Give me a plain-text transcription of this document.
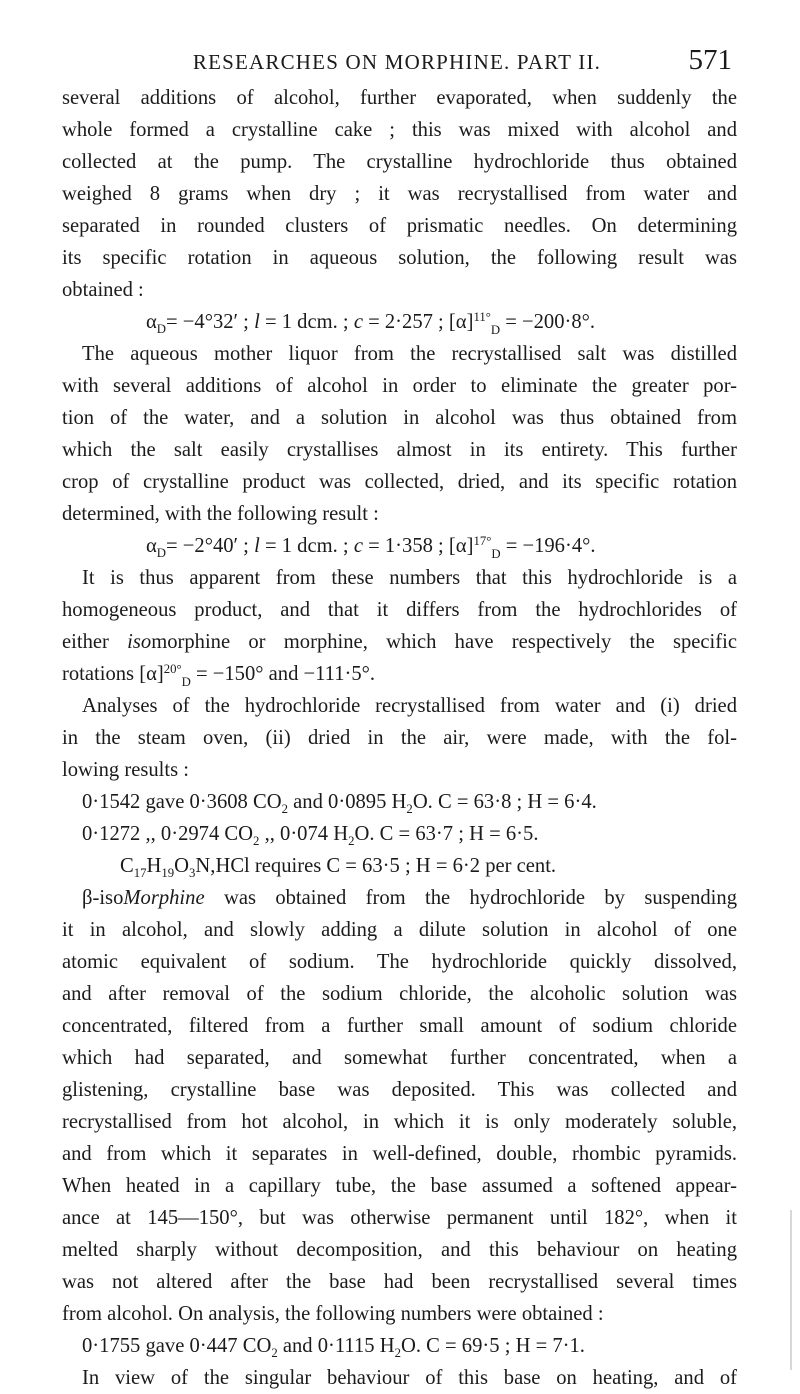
RESEARCHES ON MORPHINE. PART II.	571
several additions of alcohol, further evaporated, when suddenly the
whole formed a crystalline cake ; this was mixed with alcohol and
collected at the pump. The crystalline hydrochloride thus obtained
weighed 8 grams when dry ; it was recrystallised from water and
separated in rounded clusters of prismatic needles. On determining
its specific rotation in aqueous solution, the following result was
obtained :
$\alpha_D= -4^\circ 32'$ ; l = 1 dcm. ; c = 2·257 ; $[\alpha]^{11^\circ}_D = -200\cdot 8^\circ$.
The aqueous mother liquor from the recrystallised salt was distilled
with several additions of alcohol in order to eliminate the greater por-
tion of the water, and a solution in alcohol was thus obtained from
which the salt easily crystallises almost in its entirety. This further
crop of crystalline product was collected, dried, and its specific rotation
determined, with the following result :
$\alpha_D= -2^\circ 40'$ ; l = 1 dcm. ; c = 1·358 ; $[\alpha]^{17^\circ}_D = -196\cdot 4^\circ$.
It is thus apparent from these numbers that this hydrochloride is a
homogeneous product, and that it differs from the hydrochlorides of
either isomorphine or morphine, which have respectively the specific
rotations $[\alpha]^{20^\circ}_D = -150^\circ$ and −111·5°.
Analyses of the hydrochloride recrystallised from water and (i) dried
in the steam oven, (ii) dried in the air, were made, with the fol-
lowing results :
0·1542 gave 0·3608 $CO_2$ and 0·0895 $H_2O$. C = 63·8 ; H = 6·4.
0·1272 ,, 0·2974 $CO_2$ ,, 0·074 $H_2O$. C = 63·7 ; H = 6·5.
$C_{17}H_{19}O_3N,HCl$ requires C = 63·5 ; H = 6·2 per cent.
β-isoMorphine was obtained from the hydrochloride by suspending
it in alcohol, and slowly adding a dilute solution in alcohol of one
atomic equivalent of sodium. The hydrochloride quickly dissolved,
and after removal of the sodium chloride, the alcoholic solution was
concentrated, filtered from a further small amount of sodium chloride
which had separated, and somewhat further concentrated, when a
glistening, crystalline base was deposited. This was collected and
recrystallised from hot alcohol, in which it is only moderately soluble,
and from which it separates in well-defined, double, rhombic pyramids.
When heated in a capillary tube, the base assumed a softened appear-
ance at 145—150°, but was otherwise permanent until 182°, when it
melted sharply without decomposition, and this behaviour on heating
was not altered after the base had been recrystallised several times
from alcohol. On analysis, the following numbers were obtained :
0·1755 gave 0·447 $CO_2$ and 0·1115 $H_2O$. C = 69·5 ; H = 7·1.
In view of the singular behaviour of this base on heating, and of
